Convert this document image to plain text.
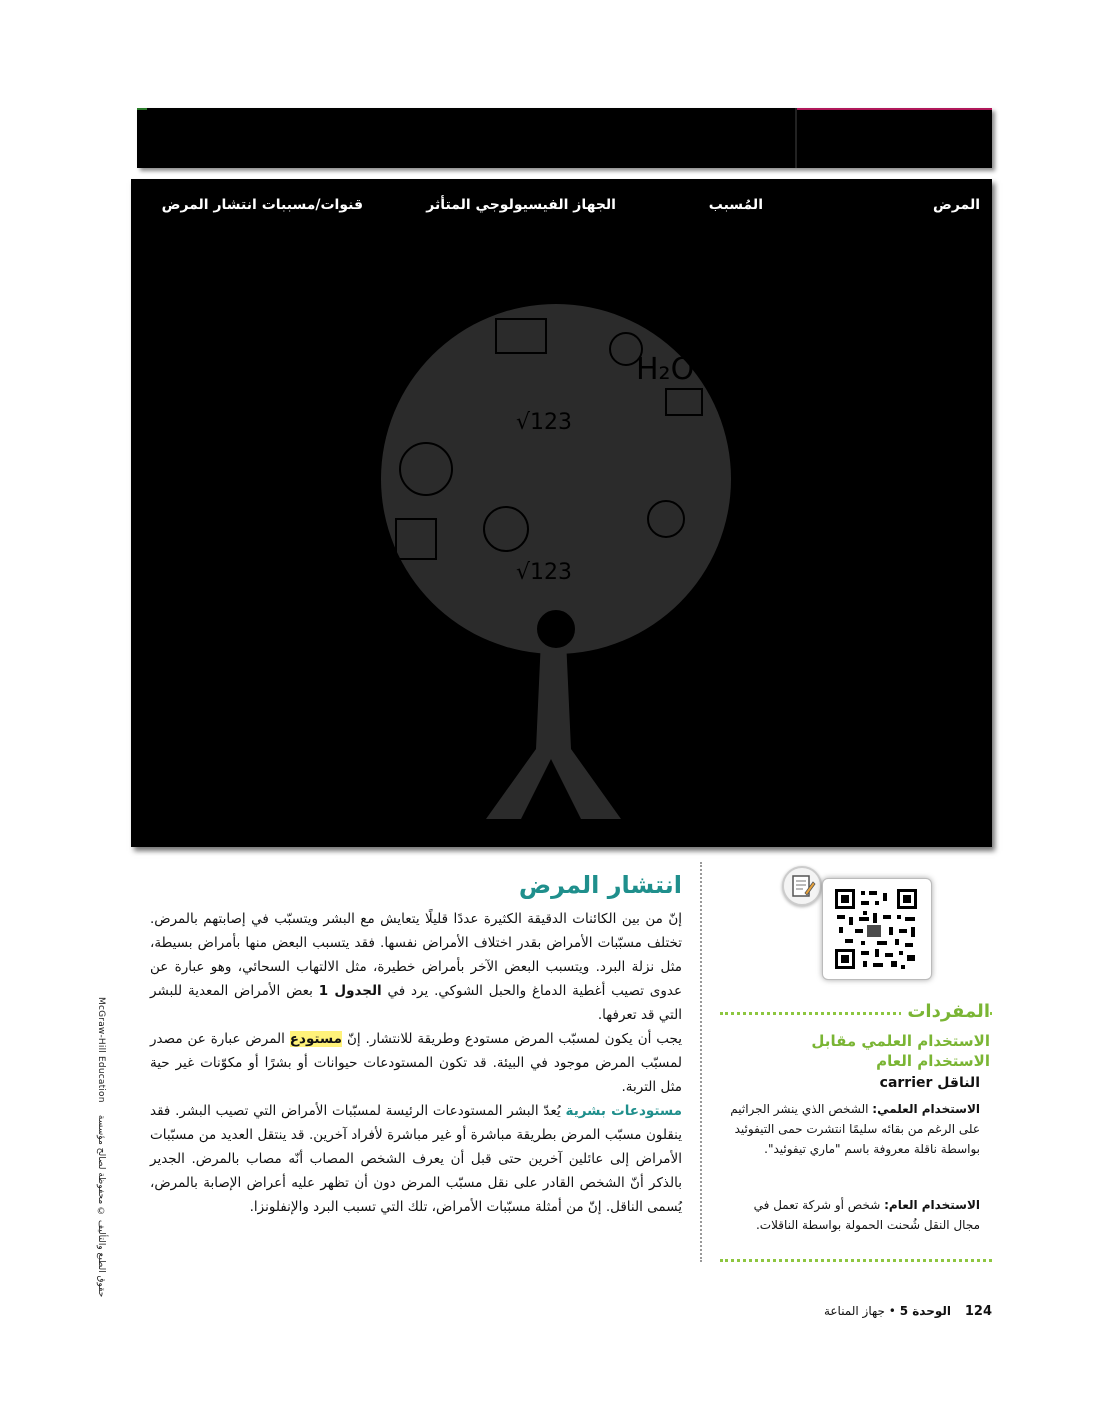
المرض
المُسبب
الجهاز الفيسيولوجي المتأثر
قنوات/مسببات انتشار المرض
H₂O
√123
√123
ABC
McGraw-Hill Education    حقوق الطبع والتأليف © محفوظة لصالح مؤسسة
انتشار المرض

إنّ من بين الكائنات الدقيقة الكثيرة عددًا قليلًا يتعايش مع البشر ويتسبّب في إصابتهم بالمرض. تختلف مسبّبات الأمراض بقدر اختلاف الأمراض نفسها. فقد يتسبب البعض منها بأمراض بسيطة، مثل نزلة البرد. ويتسبب البعض الآخر بأمراض خطيرة، مثل الالتهاب السحائي، وهو عبارة عن عدوى تصيب أغطية الدماغ والحبل الشوكي. يرد في الجدول 1 بعض الأمراض المعدية للبشر التي قد تعرفها.

يجب أن يكون لمسبّب المرض مستودع وطريقة للانتشار. إنّ مستودع المرض عبارة عن مصدر لمسبّب المرض موجود في البيئة. قد تكون المستودعات حيوانات أو بشرًا أو مكوّنات غير حية مثل التربة.

مستودعات بشرية يُعدّ البشر المستودعات الرئيسة لمسبّبات الأمراض التي تصيب البشر. فقد ينقلون مسبّب المرض بطريقة مباشرة أو غير مباشرة لأفراد آخرين. قد ينتقل العديد من مسبّبات الأمراض إلى عائلين آخرين حتى قبل أن يعرف الشخص المصاب أنّه مصاب بالمرض. الجدير بالذكر أنّ الشخص القادر على نقل مسبّب المرض دون أن تظهر عليه أعراض الإصابة بالمرض، يُسمى الناقل. إنّ من أمثلة مسبّبات الأمراض، تلك التي تسبب البرد والإنفلونزا.

المفردات
الاستخدام العلمي مقابل الاستخدام العام
الناقل carrier
الاستخدام العلمي: الشخص الذي ينشر الجراثيم على الرغم من بقائه سليمًا انتشرت حمى التيفوئيد بواسطة ناقلة معروفة باسم "ماري تيفوئيد".
الاستخدام العام: شخص أو شركة تعمل في مجال النقل شُحنت الحمولة بواسطة الناقلات.
124 الوحدة 5 • جهاز المناعة
